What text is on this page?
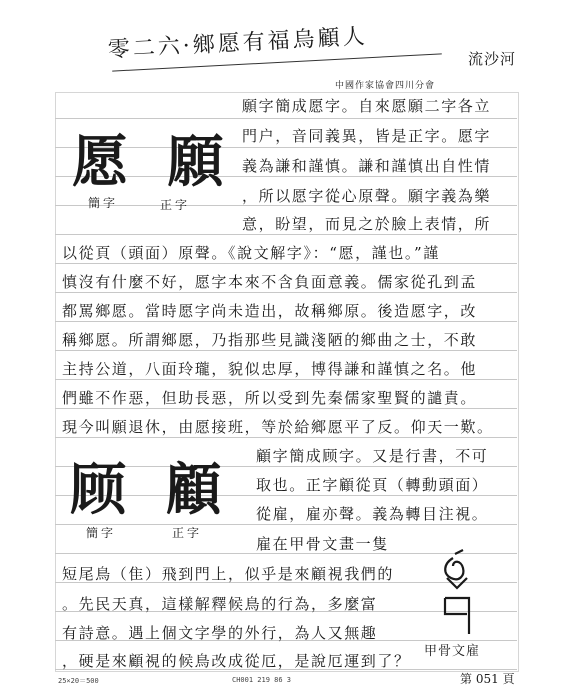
零二六·鄉愿有福烏顧人	流沙河
中國作家協會四川分會
愿 願
簡字	正字
顾 顧
簡字	正字
願字簡成愿字。自來愿願二字各立
門户，音同義異，皆是正字。愿字
義為謙和謹慎。謙和謹慎出自性情
，所以愿字從心原聲。願字義為樂
意，盼望，而見之於臉上表情，所
以從頁（頭面）原聲。《說文解字》：“愿，謹也。”謹
慎沒有什麼不好，愿字本來不含負面意義。儒家從孔到孟
都罵鄉愿。當時愿字尚未造出，故稱鄉原。後造愿字，改
稱鄉愿。所謂鄉愿，乃指那些見識淺陋的鄉曲之士，不敢
主持公道，八面玲瓏，貌似忠厚，博得謙和謹慎之名。他
們雖不作惡，但助長惡，所以受到先秦儒家聖賢的譴責。
現今叫願退休，由愿接班，等於給鄉愿平了反。仰天一歎。
顧字簡成顾字。又是行書，不可
取也。正字顧從頁（轉動頭面）
從雇，雇亦聲。義為轉目注視。
雇在甲骨文畫一隻
短尾鳥（隹）飛到門上，似乎是來顧視我們的
。先民天真，這樣解釋候鳥的行為，多麼富
有詩意。遇上個文字學的外行，為人又無趣
，硬是來顧視的候鳥改成從厄，是說厄運到了？
甲骨文雇
25×20＝500	CH001 219 86 3	第 051 頁
